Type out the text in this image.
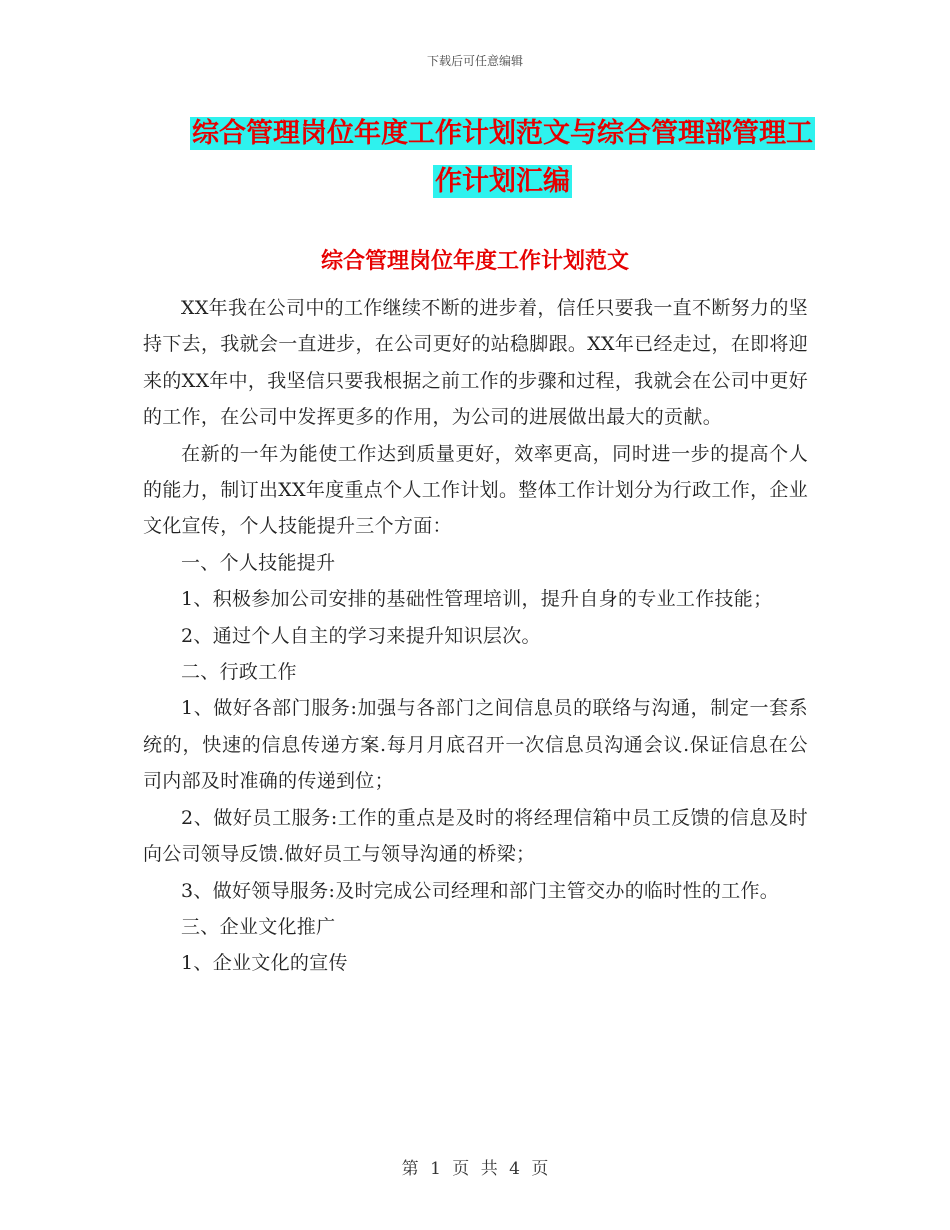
下载后可任意编辑
综合管理岗位年度工作计划范文与综合管理部管理工
作计划汇编
综合管理岗位年度工作计划范文

XX年我在公司中的工作继续不断的进步着，信任只要我一直不断努力的坚持下去，我就会一直进步，在公司更好的站稳脚跟。XX年已经走过，在即将迎来的XX年中，我坚信只要我根据之前工作的步骤和过程，我就会在公司中更好的工作，在公司中发挥更多的作用，为公司的进展做出最大的贡献。

在新的一年为能使工作达到质量更好，效率更高，同时进一步的提高个人的能力，制订出XX年度重点个人工作计划。整体工作计划分为行政工作，企业文化宣传，个人技能提升三个方面：

一、个人技能提升

1、积极参加公司安排的基础性管理培训，提升自身的专业工作技能；

2、通过个人自主的学习来提升知识层次。

二、行政工作

1、做好各部门服务:加强与各部门之间信息员的联络与沟通，制定一套系统的，快速的信息传递方案.每月月底召开一次信息员沟通会议.保证信息在公司内部及时准确的传递到位；

2、做好员工服务:工作的重点是及时的将经理信箱中员工反馈的信息及时向公司领导反馈.做好员工与领导沟通的桥梁；

3、做好领导服务:及时完成公司经理和部门主管交办的临时性的工作。

三、企业文化推广

1、企业文化的宣传

第 1 页 共 4 页
